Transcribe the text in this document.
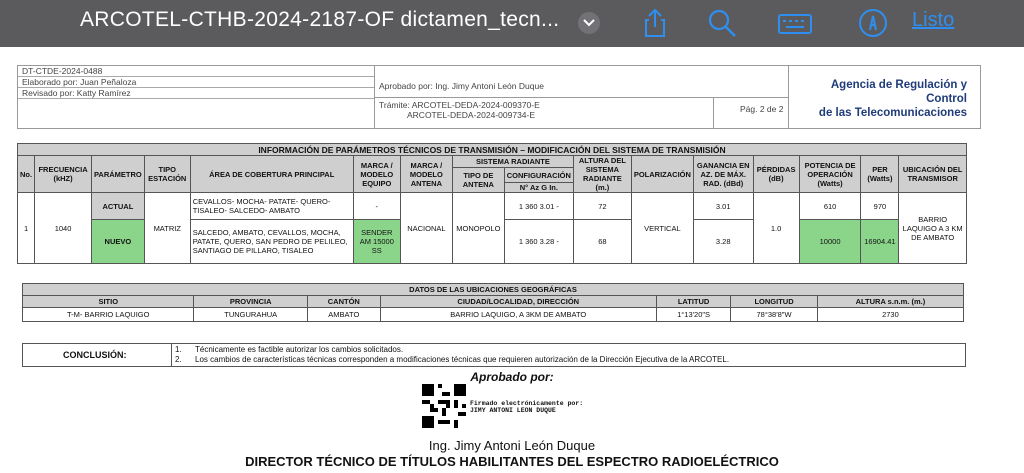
ARCOTEL-CTHB-2024-2187-OF dictamen_tecn...	Listo
DT-CTDE-2024-0488
Elaborado por: Juan Peñaloza
Revisado por: Katty Ramírez
Aprobado por: Ing. Jimy Antoni León Duque
Trámite: ARCOTEL-DEDA-2024-009370-E
ARCOTEL-DEDA-2024-009734-E
Pág. 2 de 2
Agencia de Regulación y Control
de las Telecomunicaciones
INFORMACIÓN DE PARÁMETROS TÉCNICOS DE TRANSMISIÓN – MODIFICACIÓN DEL SISTEMA DE TRANSMISIÓN															
No.	FRECUENCIA (kHZ)	PARÁMETRO	TIPO ESTACIÓN	ÁREA DE COBERTURA PRINCIPAL	MARCA / MODELO EQUIPO	MARCA / MODELO ANTENA	SISTEMA RADIANTE		ALTURA DEL SISTEMA RADIANTE (m.)	POLARIZACIÓN	GANANCIA EN AZ. DE MÁX. RAD. (dBd)	PÉRDIDAS (dB)	POTENCIA DE OPERACIÓN (Watts)	PER (Watts)	UBICACIÓN DEL TRANSMISOR
							TIPO DE ANTENA	CONFIGURACIÓN							
								N° Az G In.							
1	1040	ACTUAL	MATRIZ	CEVALLOS- MOCHA- PATATE- QUERO- TISALEO- SALCEDO- AMBATO	-	NACIONAL	MONOPOLO	1 360 3.01 -	72	VERTICAL	3.01	1.0	610	970	BARRIO LAQUIGO A 3 KM DE AMBATO
		NUEVO		SALCEDO, AMBATO, CEVALLOS, MOCHA, PATATE, QUERO, SAN PEDRO DE PELILEO, SANTIAGO DE PILLARO, TISALEO	SENDER AM 15000 SS			1 360 3.28 -	68		3.28		10000	16904.41	
DATOS DE LAS UBICACIONES GEOGRÁFICAS						
SITIO	PROVINCIA	CANTÓN	CIUDAD/LOCALIDAD, DIRECCIÓN	LATITUD	LONGITUD	ALTURA s.n.m. (m.)
T-M- BARRIO LAQUIGO	TUNGURAHUA	AMBATO	BARRIO LAQUIGO, A 3KM DE AMBATO	1°13'20"S	78°38'8"W	2730
CONCLUSIÓN:
1. Técnicamente es factible autorizar los cambios solicitados.
2. Los cambios de características técnicas corresponden a modificaciones técnicas que requieren autorización de la Dirección Ejecutiva de la ARCOTEL.
Aprobado por:
Firmado electrónicamente por: JIMY ANTONI LEON DUQUE
Ing. Jimy Antoni León Duque
DIRECTOR TÉCNICO DE TÍTULOS HABILITANTES DEL ESPECTRO RADIOELÉCTRICO
